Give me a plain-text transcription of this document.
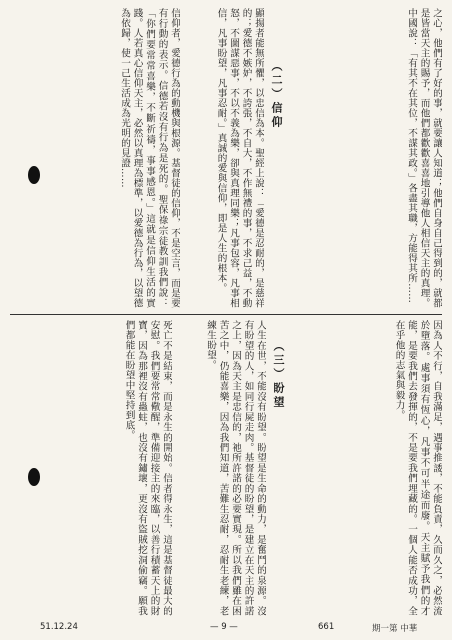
之心，他們有了好的事，就要讓人知道；他們自身自己得到的，就都是皆當天主的賜予，而他們都歡歡喜喜地引導他人相信天主的真理。中國說：「有其不在其位，不謀其政。」各盡其職，方能得其所……

（二）信仰

顯揚者能無所懼，以忠信為本。聖經上說：「愛德是忍耐的，是慈祥的；愛德不嫉妒，不誇張，不自大，不作無禮的事，不求己益，不動怒，不圖謀惡事，不以不義為樂，卻與真理同樂；凡事包容，凡事相信，凡事盼望，凡事忍耐。」真誠的愛與信仰，即是人生的根本。

信仰者，愛德行為的動機與根源。基督徒的信仰，不是空言，而是要有行動的表示。信德若沒有行為是死的。聖保祿宗徒教訓我們說：「你們要常常喜樂，不斷祈禱，事事感恩。」這就是信仰生活的實踐。人若真心信仰天主，必然以真理為標準，以愛德為行為，以望德為依歸，使一己生活成為光明的見證……

因為人不行，自我滿足，遇事推諉，不能負責，久而久之，必然流於墮落。處事須有恆心，凡事不可半途而廢。天主賦予我們的才能，是要我們去發揮的，不是要我們埋藏的。一個人能否成功，全在乎他的志氣與毅力。

（三）盼望

人生在世，不能沒有盼望。盼望是生命的動力，是奮鬥的泉源。沒有盼望的人，如同行屍走肉。基督徒的盼望，是建立在天主的許諾之上，因為天主是忠信的，祂所許諾的必要實現。所以我們雖在困苦之中，仍能喜樂，因為我們知道，苦難生忍耐，忍耐生老練，老練生盼望。

死亡不是結束，而是永生的開始。信者得永生，這是基督徒最大的安慰。我們要常常儆醒，準備迎接主的來臨，以善行積蓄天上的財寶，因為那裡沒有蟲蛀，也沒有鏽壞，更沒有盜賊挖洞偷竊。願我們都能在盼望中堅持到底。

51.12.24	— 9 —	661	期一第 中華
